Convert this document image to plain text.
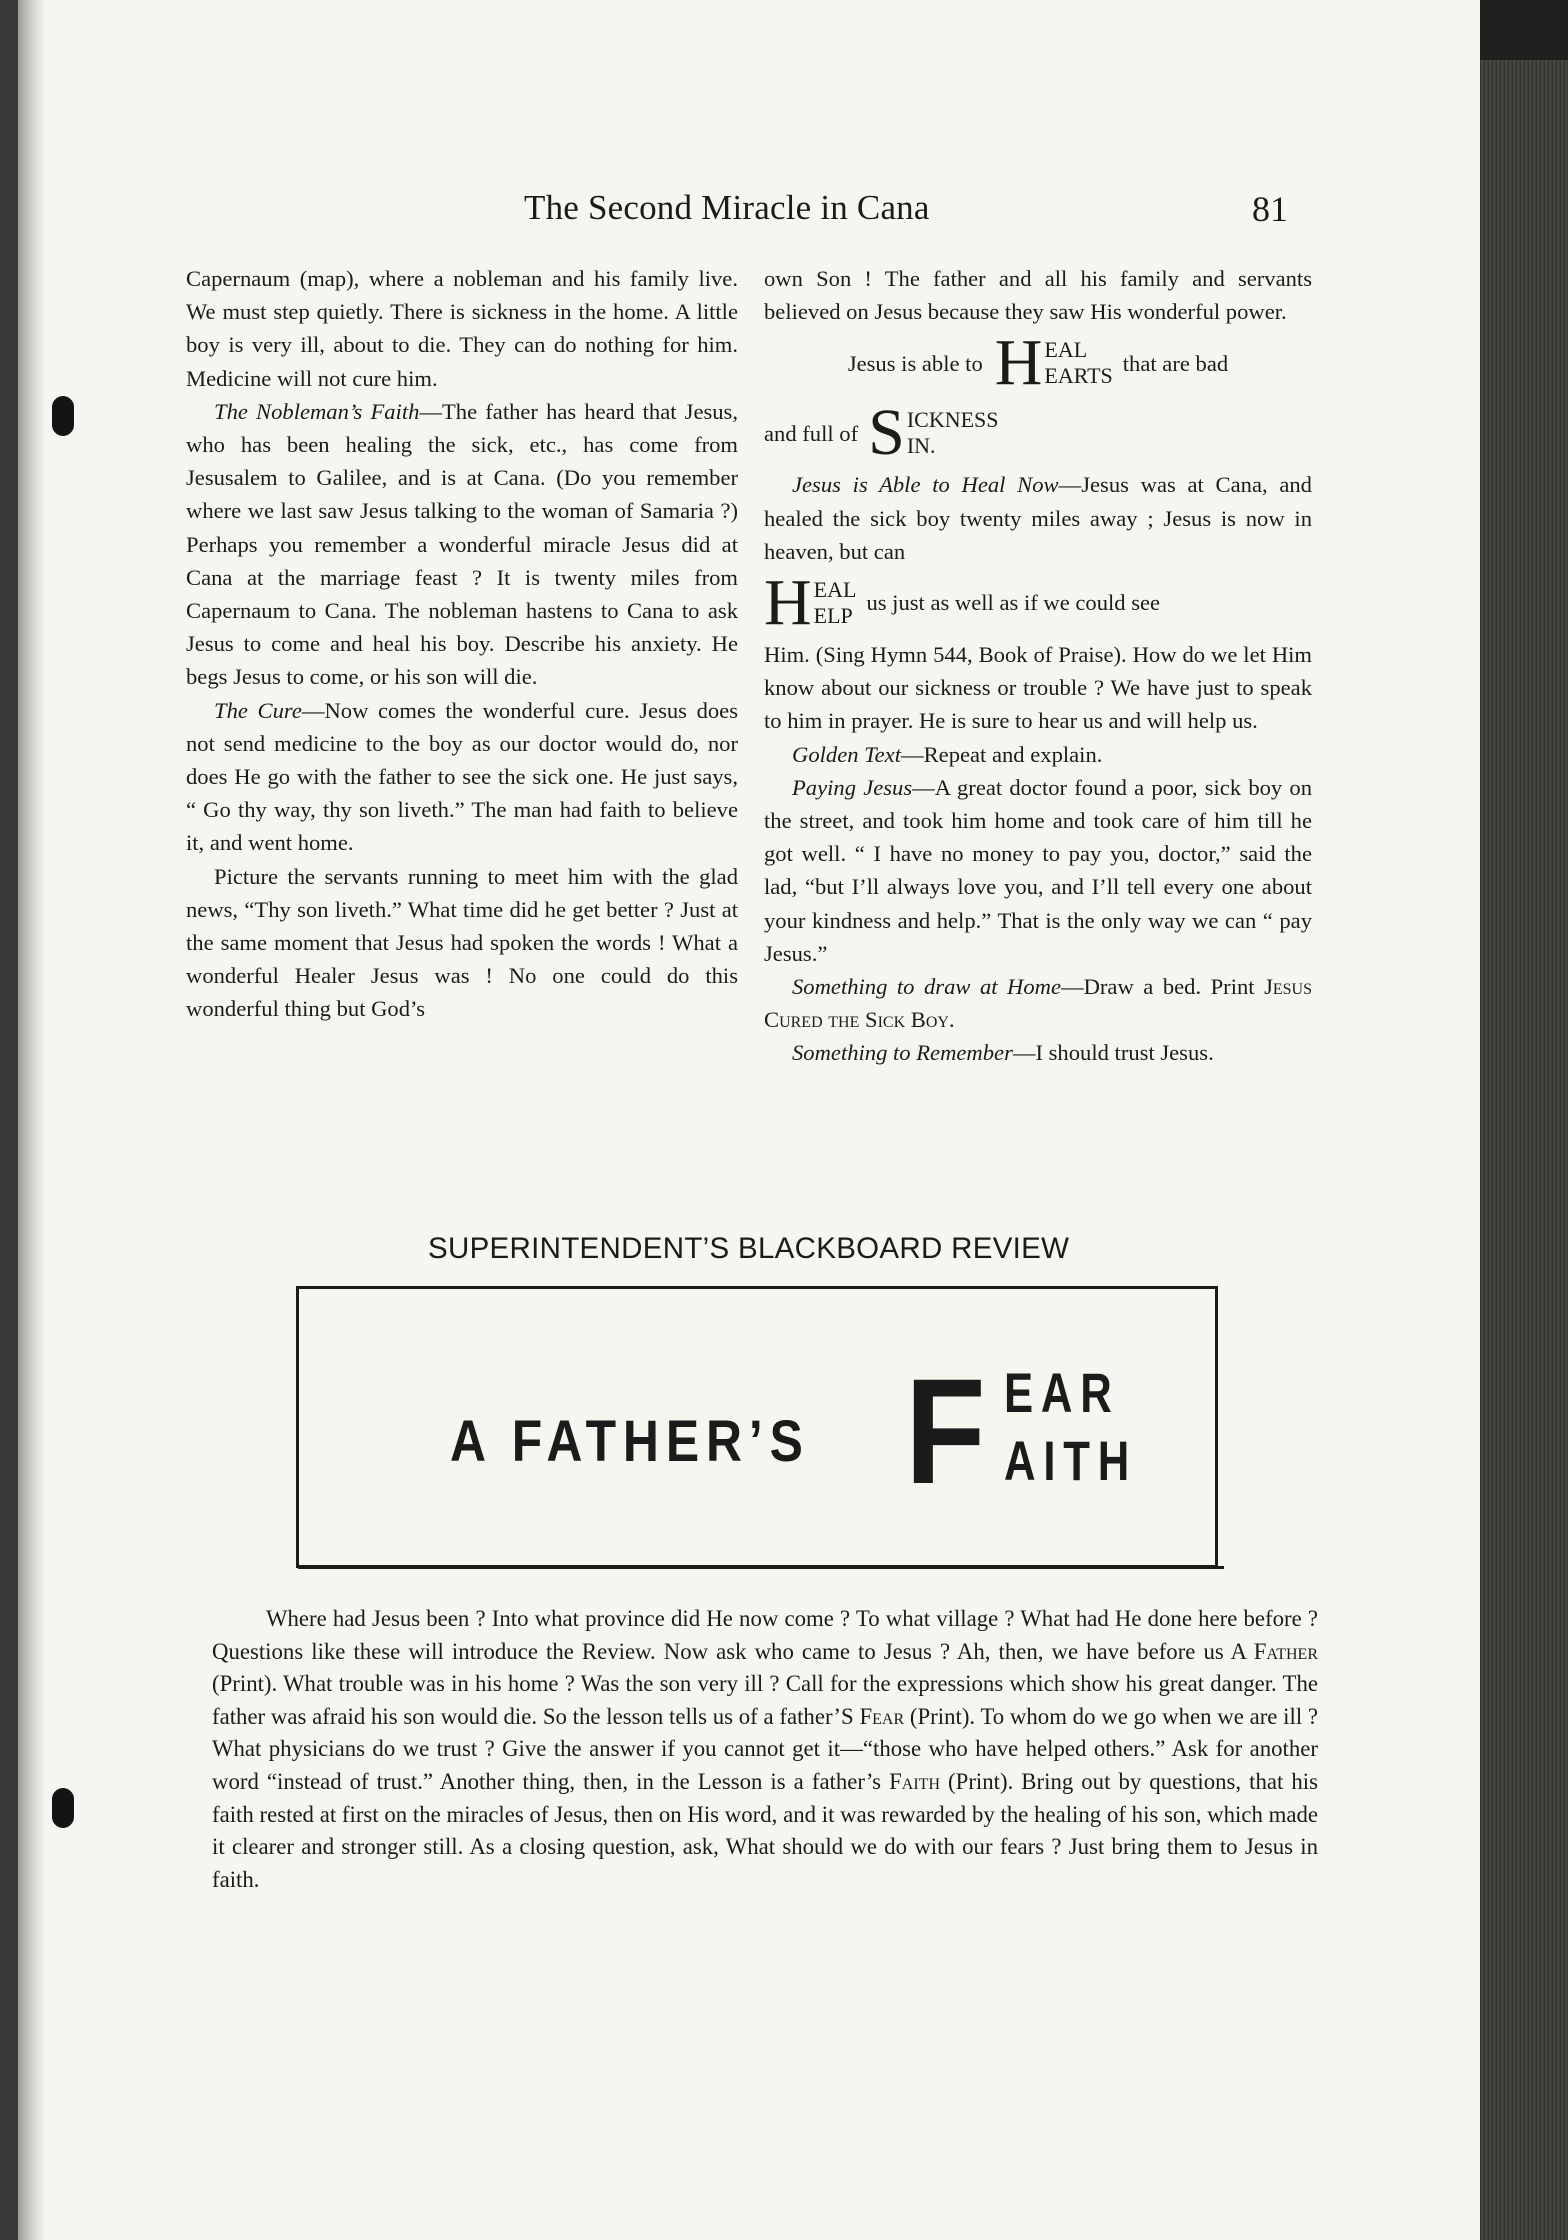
The Second Miracle in Cana	81

Capernaum (map), where a nobleman and his family live. We must step quietly. There is sickness in the home. A little boy is very ill, about to die. They can do nothing for him. Medicine will not cure him.

The Nobleman’s Faith—The father has heard that Jesus, who has been healing the sick, etc., has come from Jesusalem to Galilee, and is at Cana. (Do you remember where we last saw Jesus talking to the woman of Samaria ?) Perhaps you remember a wonderful miracle Jesus did at Cana at the marriage feast ? It is twenty miles from Capernaum to Cana. The nobleman hastens to Cana to ask Jesus to come and heal his boy. Describe his anxiety. He begs Jesus to come, or his son will die.

The Cure—Now comes the wonderful cure. Jesus does not send medicine to the boy as our doctor would do, nor does He go with the father to see the sick one. He just says, “ Go thy way, thy son liveth.” The man had faith to believe it, and went home.

Picture the servants running to meet him with the glad news, “Thy son liveth.” What time did he get better ? Just at the same moment that Jesus had spoken the words ! What a wonderful Healer Jesus was ! No one could do this wonderful thing but God’s

own Son ! The father and all his family and servants believed on Jesus because they saw His wonderful power.

Jesus is able to H EAL
EARTS
that are bad
and full of S ICKNESS
IN.

Jesus is Able to Heal Now—Jesus was at Cana, and healed the sick boy twenty miles away ; Jesus is now in heaven, but can

H EAL
ELP
us just as well as if we could see

Him. (Sing Hymn 544, Book of Praise). How do we let Him know about our sickness or trouble ? We have just to speak to him in prayer. He is sure to hear us and will help us.

Golden Text—Repeat and explain.

Paying Jesus—A great doctor found a poor, sick boy on the street, and took him home and took care of him till he got well. “ I have no money to pay you, doctor,” said the lad, “but I’ll always love you, and I’ll tell every one about your kindness and help.” That is the only way we can “ pay Jesus.”

Something to draw at Home—Draw a bed. Print Jesus Cured the Sick Boy.

Something to Remember—I should trust Jesus.

SUPERINTENDENT’S BLACKBOARD REVIEW
A FATHER’S F EAR
AITH

Where had Jesus been ? Into what province did He now come ? To what village ? What had He done here before ? Questions like these will introduce the Review. Now ask who came to Jesus ? Ah, then, we have before us A Father (Print). What trouble was in his home ? Was the son very ill ? Call for the expressions which show his great danger. The father was afraid his son would die. So the lesson tells us of a father’S Fear (Print). To whom do we go when we are ill ? What physicians do we trust ? Give the answer if you cannot get it—“those who have helped others.” Ask for another word “instead of trust.” Another thing, then, in the Lesson is a father’s Faith (Print). Bring out by questions, that his faith rested at first on the miracles of Jesus, then on His word, and it was rewarded by the healing of his son, which made it clearer and stronger still. As a closing question, ask, What should we do with our fears ? Just bring them to Jesus in faith.
